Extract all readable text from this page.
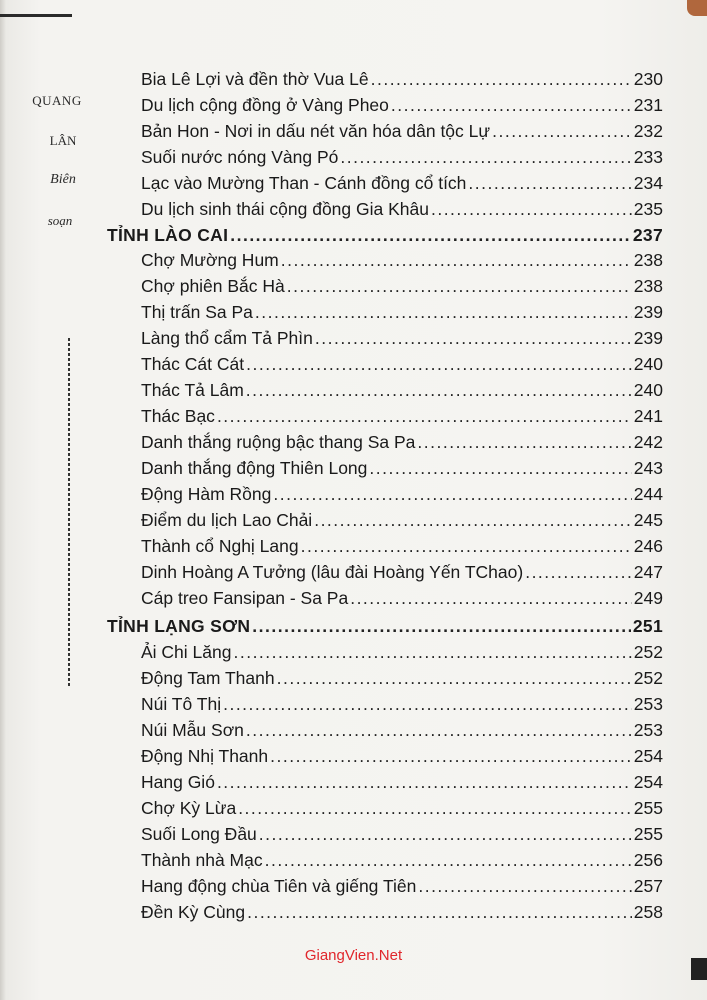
QUANG
LÂN
Biên
soạn
Bia Lê Lợi và đền thờ Vua Lê .....	230
Du lịch cộng đồng ở Vàng Pheo .....	231
Bản Hon - Nơi in dấu nét văn hóa dân tộc Lự .....	232
Suối nước nóng Vàng Pó .....	233
Lạc vào Mường Than - Cánh đồng cổ tích .....	234
Du lịch sinh thái cộng đồng Gia Khâu .....	235
TỈNH LÀO CAI .....	237
Chợ Mường Hum .....	238
Chợ phiên Bắc Hà .....	238
Thị trấn Sa Pa .....	239
Làng thổ cẩm Tả Phìn .....	239
Thác Cát Cát .....	240
Thác Tả Lâm .....	240
Thác Bạc .....	241
Danh thắng ruộng bậc thang Sa Pa .....	242
Danh thắng động Thiên Long .....	243
Động Hàm Rồng .....	244
Điểm du lịch Lao Chải .....	245
Thành cổ Nghị Lang .....	246
Dinh Hoàng A Tưởng (lâu đài Hoàng Yến TChao) .....	247
Cáp treo Fansipan - Sa Pa .....	249
TỈNH LẠNG SƠN .....	251
Ải Chi Lăng .....	252
Động Tam Thanh .....	252
Núi Tô Thị .....	253
Núi Mẫu Sơn .....	253
Động Nhị Thanh .....	254
Hang Gió .....	254
Chợ Kỳ Lừa .....	255
Suối Long Đầu .....	255
Thành nhà Mạc .....	256
Hang động chùa Tiên và giếng Tiên .....	257
Đền Kỳ Cùng .....	258
GiangVien.Net
